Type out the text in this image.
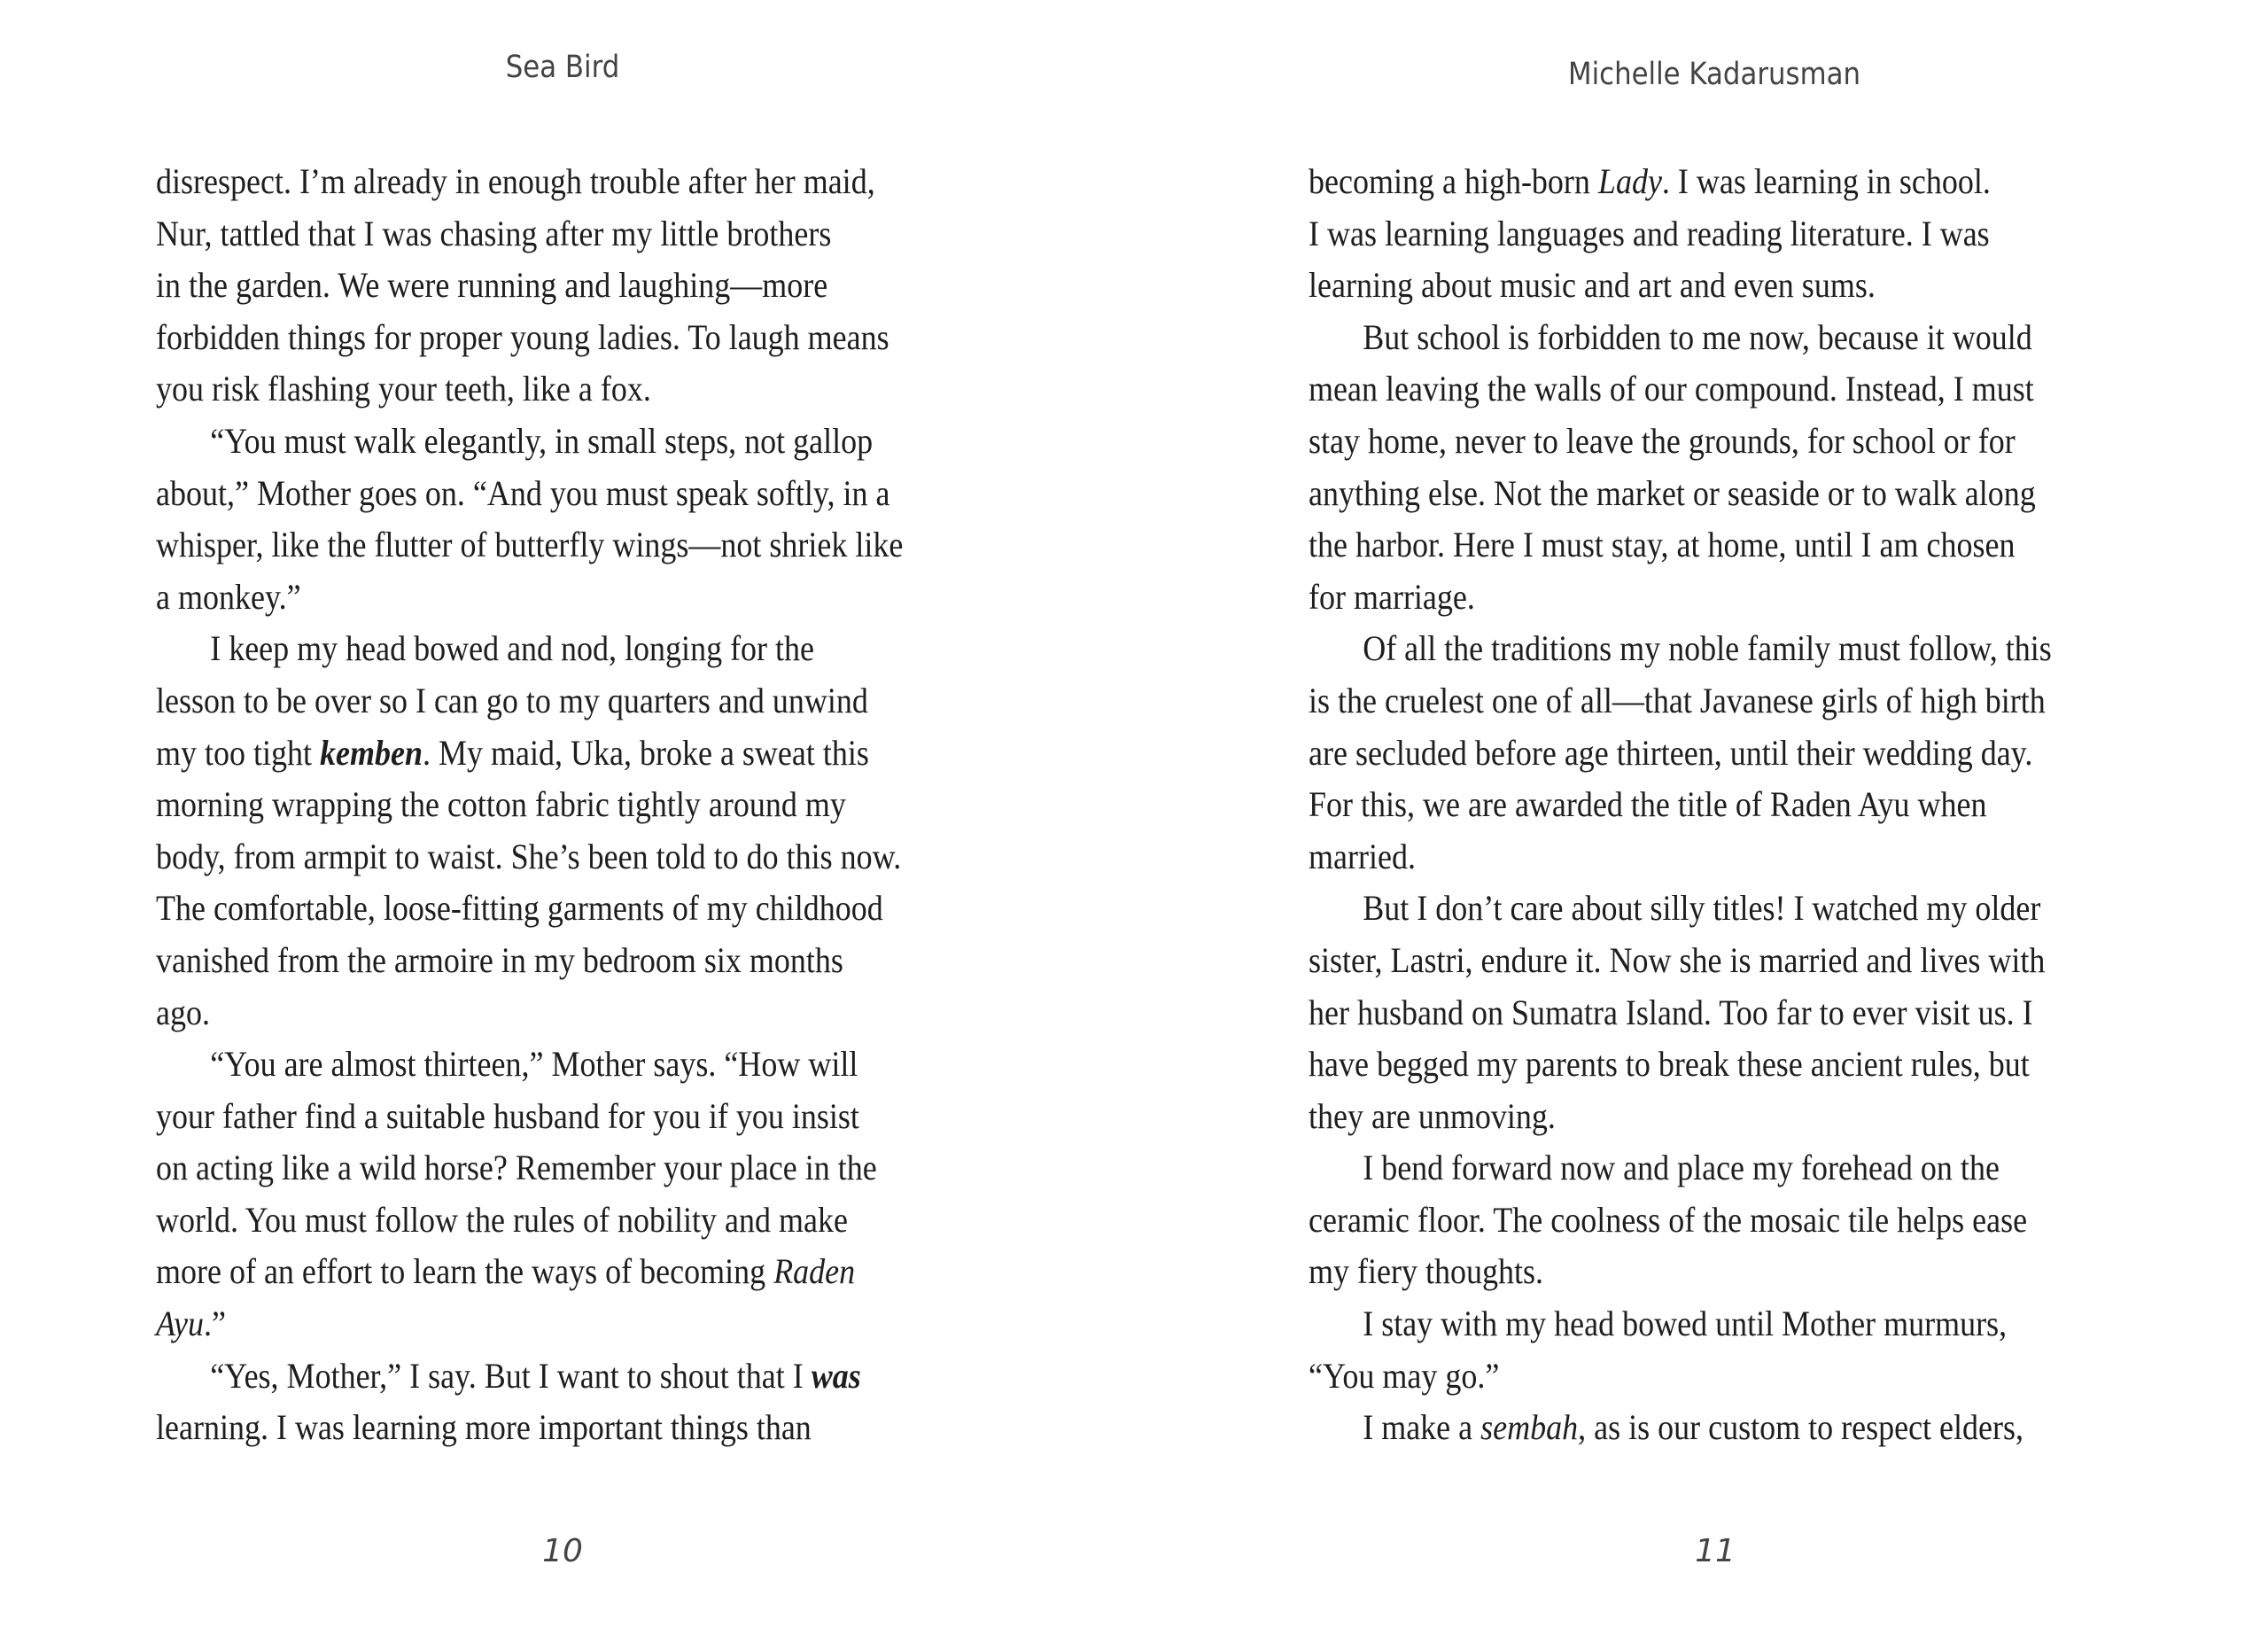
Sea Bird
disrespect. I’m already in enough trouble after her maid,
Nur, tattled that I was chasing after my little brothers
in the garden. We were running and laughing—more
forbidden things for proper young ladies. To laugh means
you risk flashing your teeth, like a fox.
“You must walk elegantly, in small steps, not gallop
about,” Mother goes on. “And you must speak softly, in a
whisper, like the flutter of butterfly wings—not shriek like
a monkey.”
I keep my head bowed and nod, longing for the
lesson to be over so I can go to my quarters and unwind
my too tight kemben. My maid, Uka, broke a sweat this
morning wrapping the cotton fabric tightly around my
body, from armpit to waist. She’s been told to do this now.
The comfortable, loose-fitting garments of my childhood
vanished from the armoire in my bedroom six months
ago.
“You are almost thirteen,” Mother says. “How will
your father find a suitable husband for you if you insist
on acting like a wild horse? Remember your place in the
world. You must follow the rules of nobility and make
more of an effort to learn the ways of becoming Raden
Ayu.”
“Yes, Mother,” I say. But I want to shout that I was
learning. I was learning more important things than
10
Michelle Kadarusman
becoming a high-born Lady. I was learning in school.
I was learning languages and reading literature. I was
learning about music and art and even sums.
But school is forbidden to me now, because it would
mean leaving the walls of our compound. Instead, I must
stay home, never to leave the grounds, for school or for
anything else. Not the market or seaside or to walk along
the harbor. Here I must stay, at home, until I am chosen
for marriage.
Of all the traditions my noble family must follow, this
is the cruelest one of all—that Javanese girls of high birth
are secluded before age thirteen, until their wedding day.
For this, we are awarded the title of Raden Ayu when
married.
But I don’t care about silly titles! I watched my older
sister, Lastri, endure it. Now she is married and lives with
her husband on Sumatra Island. Too far to ever visit us. I
have begged my parents to break these ancient rules, but
they are unmoving.
I bend forward now and place my forehead on the
ceramic floor. The coolness of the mosaic tile helps ease
my fiery thoughts.
I stay with my head bowed until Mother murmurs,
“You may go.”
I make a sembah, as is our custom to respect elders,
11
